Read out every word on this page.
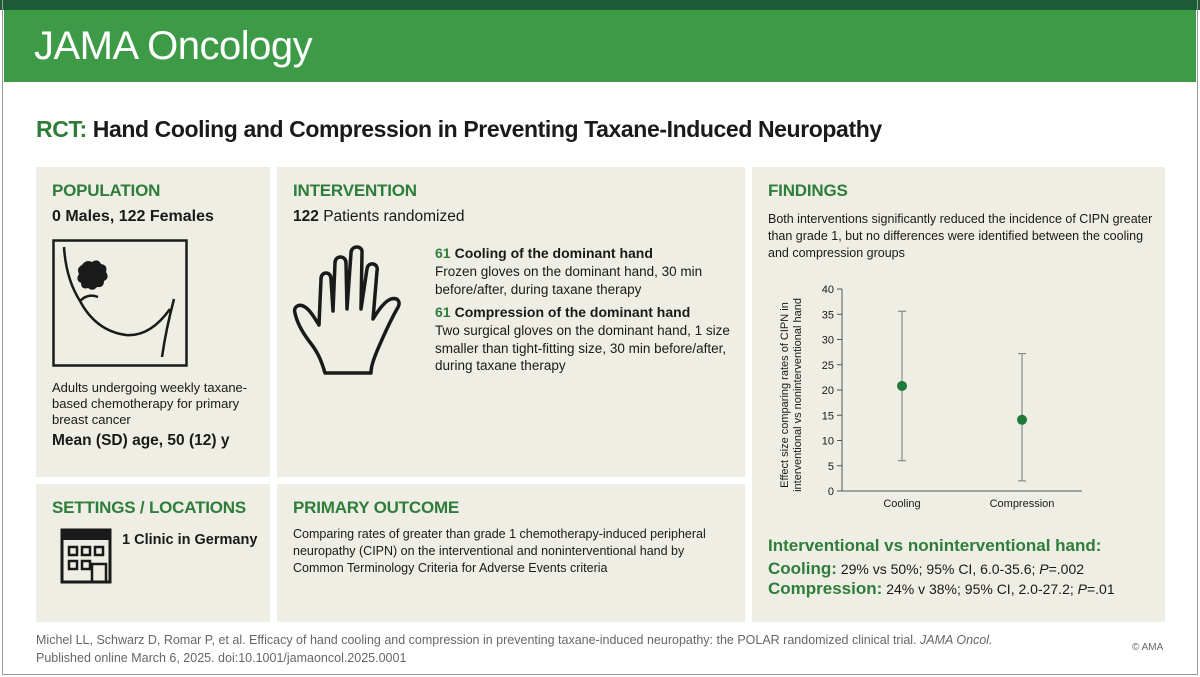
JAMA Oncology
RCT: Hand Cooling and Compression in Preventing Taxane-Induced Neuropathy
POPULATION
0 Males, 122 Females
Adults undergoing weekly taxane-based chemotherapy for primary breast cancer
Mean (SD) age, 50 (12) y
INTERVENTION
122 Patients randomized
61 Cooling of the dominant hand
Frozen gloves on the dominant hand, 30 min before/after, during taxane therapy
61 Compression of the dominant hand
Two surgical gloves on the dominant hand, 1 size smaller than tight-fitting size, 30 min before/after, during taxane therapy
SETTINGS / LOCATIONS
1 Clinic in Germany
PRIMARY OUTCOME
Comparing rates of greater than grade 1 chemotherapy-induced peripheral neuropathy (CIPN) on the interventional and noninterventional hand by Common Terminology Criteria for Adverse Events criteria
FINDINGS
Both interventions significantly reduced the incidence of CIPN greater than grade 1, but no differences were identified between the cooling and compression groups
Effect size comparing rates of CIPN in interventional vs noninterventional hand
0
5
10
15
20
25
30
35
40
Cooling	Compression
Interventional vs noninterventional hand:
Cooling: 29% vs 50%; 95% CI, 6.0-35.6; P=.002
Compression: 24% v 38%; 95% CI, 2.0-27.2; P=.01
Michel LL, Schwarz D, Romar P, et al. Efficacy of hand cooling and compression in preventing taxane-induced neuropathy: the POLAR randomized clinical trial. JAMA Oncol. Published online March 6, 2025. doi:10.1001/jamaoncol.2025.0001
© AMA
